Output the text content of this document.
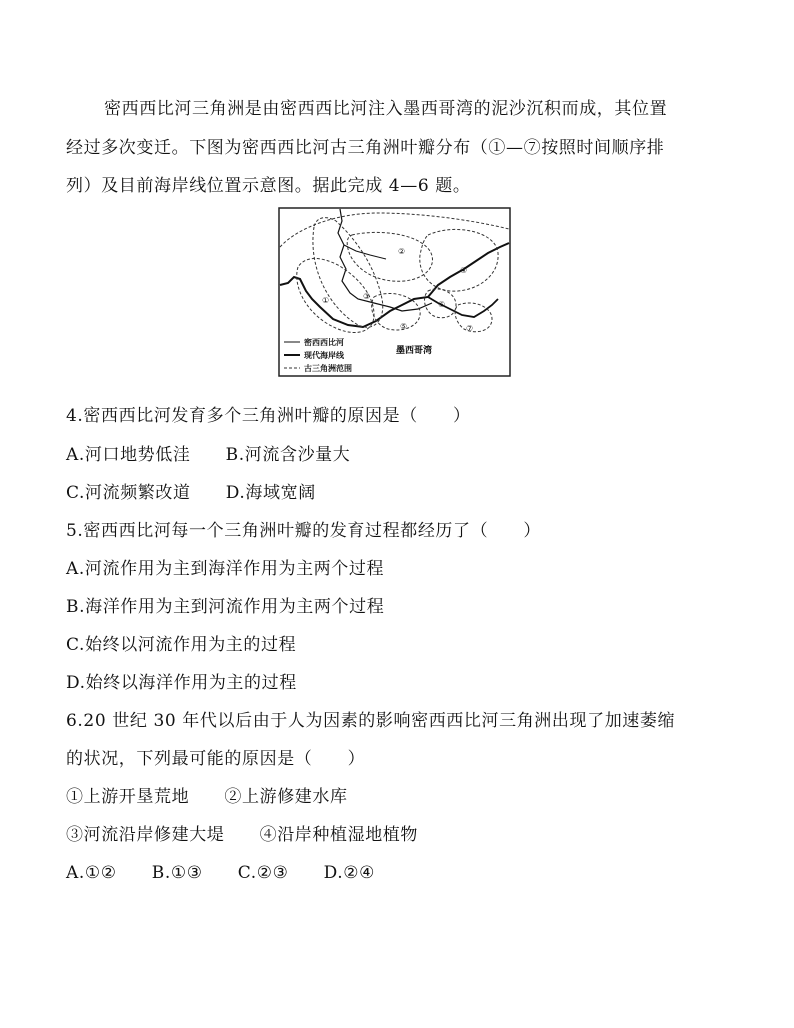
密西西比河三角洲是由密西西比河注入墨西哥湾的泥沙沉积而成，其位置
经过多次变迁。下图为密西西比河古三角洲叶瓣分布（①—⑦按照时间顺序排
列）及目前海岸线位置示意图。据此完成 4—6 题。
①
②
③
④
⑤
⑥
⑦
密西西比河
现代海岸线
古三角洲范围
墨西哥湾
4.密西西比河发育多个三角洲叶瓣的原因是（　　）
A.河口地势低洼　　B.河流含沙量大
C.河流频繁改道　　D.海域宽阔
5.密西西比河每一个三角洲叶瓣的发育过程都经历了（　　）
A.河流作用为主到海洋作用为主两个过程
B.海洋作用为主到河流作用为主两个过程
C.始终以河流作用为主的过程
D.始终以海洋作用为主的过程
6.20 世纪 30 年代以后由于人为因素的影响密西西比河三角洲出现了加速萎缩
的状况，下列最可能的原因是（　　）
①上游开垦荒地　　②上游修建水库
③河流沿岸修建大堤　　④沿岸种植湿地植物
A.①②　　B.①③　　C.②③　　D.②④
